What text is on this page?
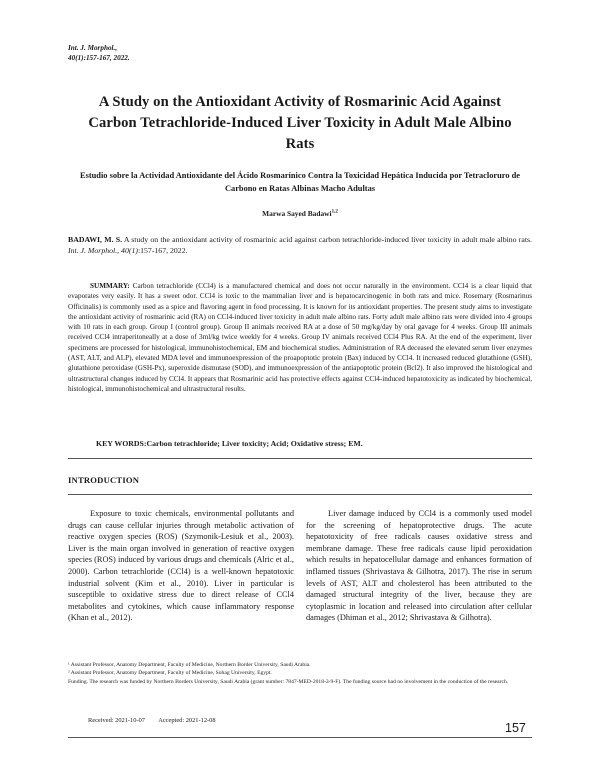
Int. J. Morphol.,
40(1):157-167, 2022.
A Study on the Antioxidant Activity of Rosmarinic Acid Against Carbon Tetrachloride-Induced Liver Toxicity in Adult Male Albino Rats
Estudio sobre la Actividad Antioxidante del Ácido Rosmarínico Contra la Toxicidad Hepática Inducida por Tetracloruro de Carbono en Ratas Albinas Macho Adultas
Marwa Sayed Badawi$^{1,2}$
BADAWI, M. S. A study on the antioxidant activity of rosmarinic acid against carbon tetrachloride-induced liver toxicity in adult male albino rats. Int. J. Morphol., 40(1):157-167, 2022.
SUMMARY: Carbon tetrachloride (CCl4) is a manufactured chemical and does not occur naturally in the environment. CCl4 is a clear liquid that evaporates very easily. It has a sweet odor. CCl4 is toxic to the mammalian liver and is hepatocarcinogenic in both rats and mice. Rosemary (Rosmarinus Officinalis) is commonly used as a spice and flavoring agent in food processing. It is known for its antioxidant properties. The present study aims to investigate the antioxidant activity of rosmarinic acid (RA) on CCl4-induced liver toxicity in adult male albino rats. Forty adult male albino rats were divided into 4 groups with 10 rats in each group. Group I (control group). Group II animals received RA at a dose of 50 mg/kg/day by oral gavage for 4 weeks. Group III animals received CCl4 intraperitoneally at a dose of 3ml/kg twice weekly for 4 weeks. Group IV animals received CCl4 Plus RA. At the end of the experiment, liver specimens are processed for histological, immunohistochemical, EM and biochemical studies. Administration of RA deceased the elevated serum liver enzymes (AST, ALT, and ALP), elevated MDA level and immunoexpression of the proapoptotic protein (Bax) induced by CCl4. It increased reduced glutathione (GSH), glutathione peroxidase (GSH-Px), superoxide dismutase (SOD), and immunoexpression of the antiapoptotic protein (Bcl2). It also improved the histological and ultrastructural changes induced by CCl4. It appears that Rosmarinic acid has protective effects against CCl4-induced hepatotoxicity as indicated by biochemical, histological, immunohistochemical and ultrastructural results.
KEY WORDS:Carbon tetrachloride; Liver toxicity; Acid; Oxidative stress; EM.
INTRODUCTION

Exposure to toxic chemicals, environmental pollutants and drugs can cause cellular injuries through metabolic activation of reactive oxygen species (ROS) (Szymonik-Lesiuk et al., 2003). Liver is the main organ involved in generation of reactive oxygen species (ROS) induced by various drugs and chemicals (Alric et al., 2000). Carbon tetrachloride (CCl4) is a well-known hepatotoxic industrial solvent (Kim et al., 2010). Liver in particular is susceptible to oxidative stress due to direct release of CCl4 metabolites and cytokines, which cause inflammatory response (Khan et al., 2012).

Liver damage induced by CCl4 is a commonly used model for the screening of hepatoprotective drugs. The acute hepatotoxicity of free radicals causes oxidative stress and membrane damage. These free radicals cause lipid peroxidation which results in hepatocellular damage and enhances formation of inflamed tissues (Shrivastava & Gilhotra, 2017). The rise in serum levels of AST, ALT and cholesterol has been attributed to the damaged structural integrity of the liver, because they are cytoplasmic in location and released into circulation after cellular damages (Dhiman et al., 2012; Shrivastava & Gilhotra).

¹ Assistant Professor, Anatomy Department, Faculty of Medicine, Northern Border University, Saudi Arabia.
² Assistant Professor, Anatomy Department, Faculty of Medicine, Sohag University, Egypt.
Funding. The research was funded by Northern Borders University, Saudi Arabia (grant number: 7847-MED-2018-3-9-F). The funding source had no involvement in the conduction of the research.
Received: 2021-10-07 Accepted: 2021-12-08
157
